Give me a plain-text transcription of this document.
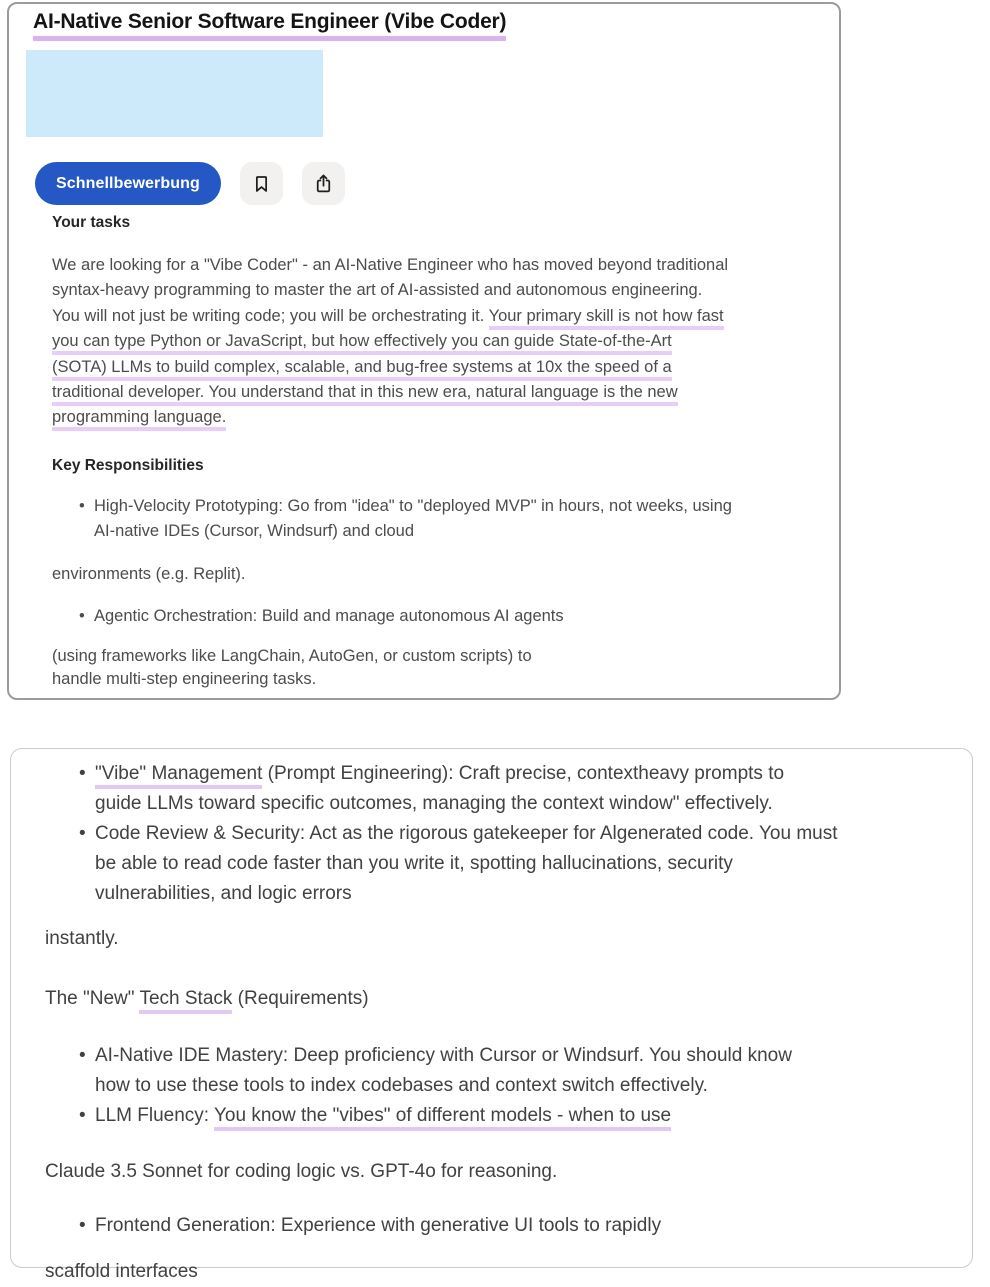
AI-Native Senior Software Engineer (Vibe Coder)
Schnellbewerbung
Your tasks
We are looking for a "Vibe Coder" - an AI-Native Engineer who has moved beyond traditional
syntax-heavy programming to master the art of AI-assisted and autonomous engineering.
You will not just be writing code; you will be orchestrating it. Your primary skill is not how fast
you can type Python or JavaScript, but how effectively you can guide State-of-the-Art
(SOTA) LLMs to build complex, scalable, and bug-free systems at 10x the speed of a
traditional developer. You understand that in this new era, natural language is the new
programming language.
Key Responsibilities
• High-Velocity Prototyping: Go from "idea" to "deployed MVP" in hours, not weeks, using
AI-native IDEs (Cursor, Windsurf) and cloud
environments (e.g. Replit).
• Agentic Orchestration: Build and manage autonomous AI agents
(using frameworks like LangChain, AutoGen, or custom scripts) to
handle multi-step engineering tasks.
• "Vibe" Management (Prompt Engineering): Craft precise, contextheavy prompts to
guide LLMs toward specific outcomes, managing the context window" effectively.
• Code Review & Security: Act as the rigorous gatekeeper for Algenerated code. You must
be able to read code faster than you write it, spotting hallucinations, security
vulnerabilities, and logic errors
instantly.
The "New" Tech Stack (Requirements)
• AI-Native IDE Mastery: Deep proficiency with Cursor or Windsurf. You should know
how to use these tools to index codebases and context switch effectively.
• LLM Fluency: You know the "vibes" of different models - when to use
Claude 3.5 Sonnet for coding logic vs. GPT-4o for reasoning.
• Frontend Generation: Experience with generative UI tools to rapidly
scaffold interfaces
